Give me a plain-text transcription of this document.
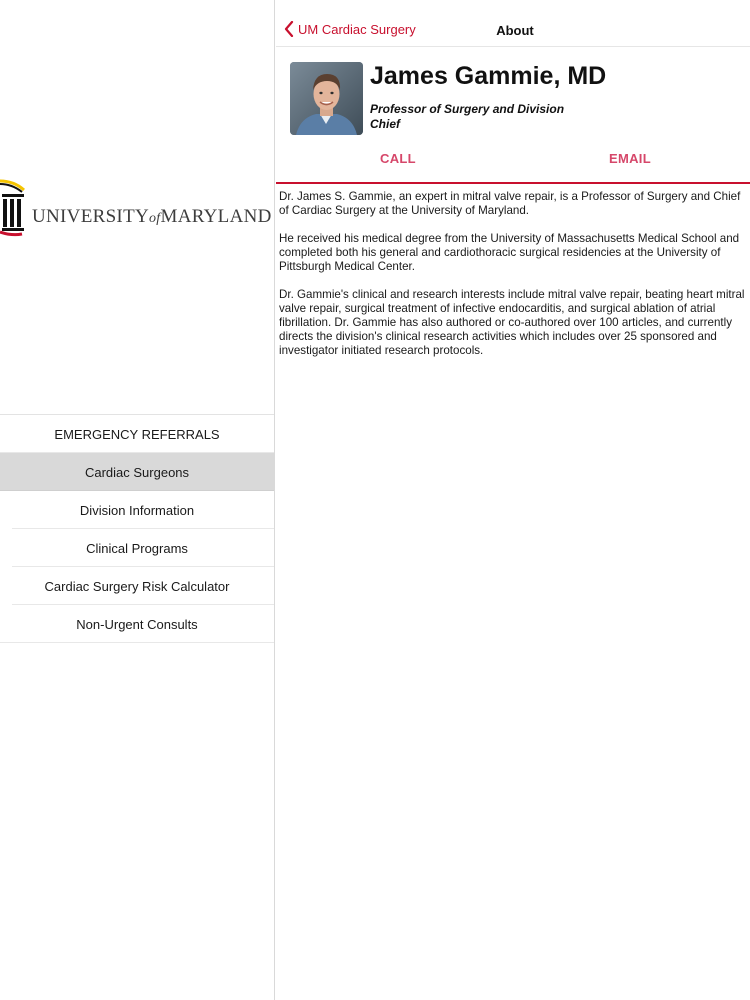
UNIVERSITYofMARYLAND
EMERGENCY REFERRALS
Cardiac Surgeons
Division Information
Clinical Programs
Cardiac Surgery Risk Calculator
Non-Urgent Consults
UM Cardiac Surgery	About
James Gammie, MD
Professor of Surgery and Division Chief
CALL	EMAIL

Dr. James S. Gammie, an expert in mitral valve repair, is a Professor of Surgery and Chief of Cardiac Surgery at the University of Maryland.

He received his medical degree from the University of Massachusetts Medical School and completed both his general and cardiothoracic surgical residencies at the University of Pittsburgh Medical Center.

Dr. Gammie's clinical and research interests include mitral valve repair, beating heart mitral valve repair, surgical treatment of infective endocarditis, and surgical ablation of atrial fibrillation. Dr. Gammie has also authored or co-authored over 100 articles, and currently directs the division's clinical research activities which includes over 25 sponsored and investigator initiated research protocols.
